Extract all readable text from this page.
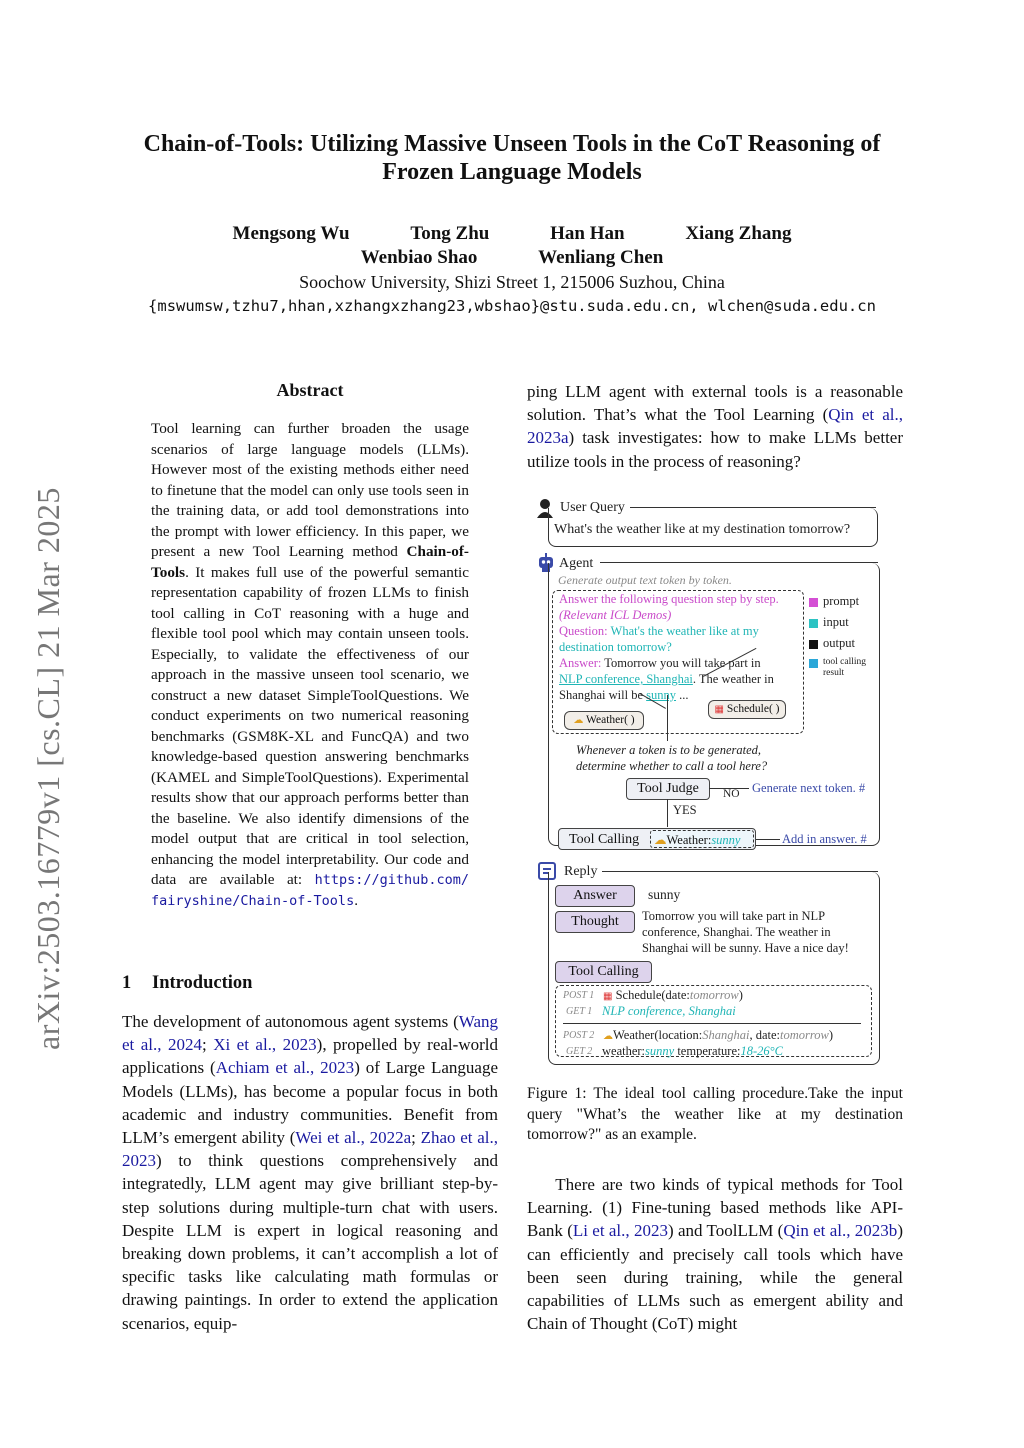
Chain-of-Tools: Utilizing Massive Unseen Tools in the CoT Reasoning of
Frozen Language Models
Mengsong Wu	Tong Zhu	Han Han	Xiang Zhang
Wenbiao Shao	Wenliang Chen
Soochow University, Shizi Street 1, 215006 Suzhou, China
{mswumsw,tzhu7,hhan,xzhangxzhang23,wbshao}@stu.suda.edu.cn, wlchen@suda.edu.cn
arXiv:2503.16779v1 [cs.CL] 21 Mar 2025
Abstract
Tool learning can further broaden the usage scenarios of large language models (LLMs). However most of the existing methods either need to finetune that the model can only use tools seen in the training data, or add tool demonstrations into the prompt with lower efficiency. In this paper, we present a new Tool Learning method Chain-of-Tools. It makes full use of the powerful semantic representation capability of frozen LLMs to finish tool calling in CoT reasoning with a huge and flexible tool pool which may contain unseen tools. Especially, to validate the effectiveness of our approach in the massive unseen tool scenario, we construct a new dataset SimpleToolQuestions. We conduct experiments on two numerical reasoning benchmarks (GSM8K-XL and FuncQA) and two knowledge-based question answering benchmarks (KAMEL and SimpleToolQuestions). Experimental results show that our approach performs better than the baseline. We also identify dimensions of the model output that are critical in tool selection, enhancing the model interpretability. Our code and data are available at: https://github.com/ fairyshine/Chain-of-Tools.
1 Introduction
The development of autonomous agent systems (Wang et al., 2024; Xi et al., 2023), propelled by real-world applications (Achiam et al., 2023) of Large Language Models (LLMs), has become a popular focus in both academic and industry communities. Benefit from LLM’s emergent ability (Wei et al., 2022a; Zhao et al., 2023) to think questions comprehensively and integratedly, LLM agent may give brilliant step-by-step solutions during multiple-turn chat with users. Despite LLM is expert in logical reasoning and breaking down problems, it can’t accomplish a lot of specific tasks like calculating math formulas or drawing paintings. In order to extend the application scenarios, equip-
ping LLM agent with external tools is a reasonable solution. That’s what the Tool Learning (Qin et al., 2023a) task investigates: how to make LLMs better utilize tools in the process of reasoning?
User Query
What's the weather like at my destination tomorrow?
Agent
Generate output text token by token.
Answer the following question step by step.
(Relevant ICL Demos)
Question: What's the weather like at my
destination tomorrow?
Answer: Tomorrow you will take part in
NLP conference, Shanghai. The weather in
Shanghai will be sunny ...
▦ Schedule( )
☁ Weather( )
prompt
input
output
tool calling result
Whenever a token is to be generated,
determine whether to call a tool here?
Tool Judge	NO Generate next token. #
YES
Tool Calling	☁Weather:sunny	Add in answer. #
Reply
Answer	sunny
Thought	Tomorrow you will take part in NLP
conference, Shanghai. The weather in
Shanghai will be sunny. Have a nice day!
Tool Calling
POST 1 ▦ Schedule(date:tomorrow)
GET 1 NLP conference, Shanghai
POST 2 ☁Weather(location:Shanghai, date:tomorrow)
GET 2 weather:sunny temperature:18-26°C
Figure 1: The ideal tool calling procedure.Take the input query "What’s the weather like at my destination tomorrow?" as an example.
There are two kinds of typical methods for Tool Learning. (1) Fine-tuning based methods like API-Bank (Li et al., 2023) and ToolLLM (Qin et al., 2023b) can efficiently and precisely call tools which have been seen during training, while the general capabilities of LLMs such as emergent ability and Chain of Thought (CoT) might
